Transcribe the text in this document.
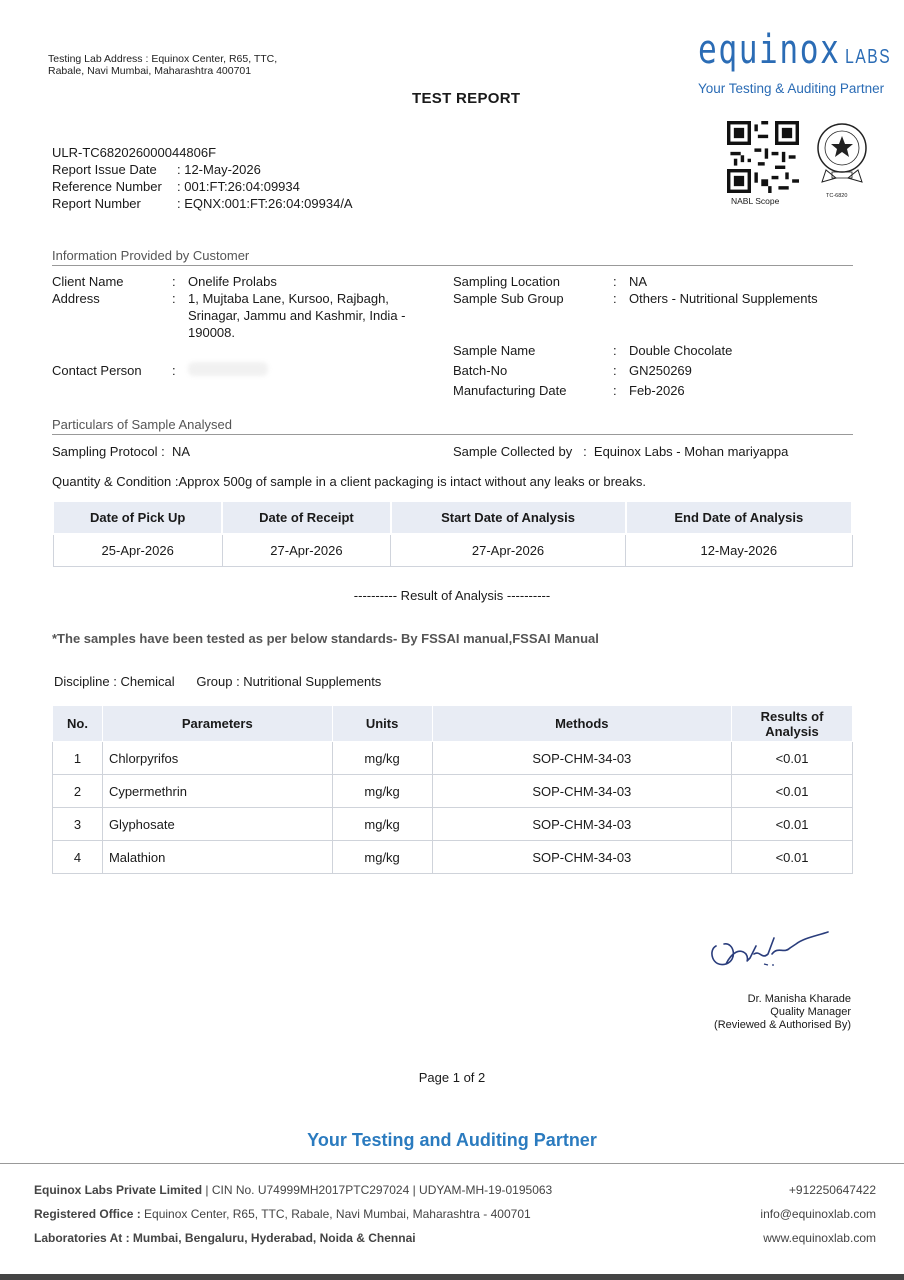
Testing Lab Address : Equinox Center, R65, TTC, Rabale, Navi Mumbai, Maharashtra 400701
TEST REPORT
equinox LABS
Your Testing & Auditing Partner
ULR-TC682026000044806F
Report Issue Date	: 12-May-2026
Reference Number	: 001:FT:26:04:09934
Report Number	: EQNX:001:FT:26:04:09934/A	NABL Scope	TC-6820
Information Provided by Customer
Client Name	: Onelife Prolabs
Address	: 1, Mujtaba Lane, Kursoo, Rajbagh, Srinagar, Jammu and Kashmir, India - 190008.
Contact Person	:
Sampling Location	: NA
Sample Sub Group	: Others - Nutritional Supplements
Sample Name	: Double Chocolate
Batch-No	: GN250269
Manufacturing Date	: Feb-2026
Particulars of Sample Analysed
Sampling Protocol :  NA	Sample Collected by   :  Equinox Labs - Mohan mariyappa
Quantity & Condition :Approx 500g of sample in a client packaging is intact without any leaks or breaks.
Date of Pick Up	Date of Receipt	Start Date of Analysis	End Date of Analysis
25-Apr-2026	27-Apr-2026	27-Apr-2026	12-May-2026
---------- Result of Analysis ----------
*The samples have been tested as per below standards- By FSSAI manual,FSSAI Manual
Discipline : Chemical Group : Nutritional Supplements
No.	Parameters	Units	Methods	Results of Analysis
1	Chlorpyrifos	mg/kg	SOP-CHM-34-03	<0.01
2	Cypermethrin	mg/kg	SOP-CHM-34-03	<0.01
3	Glyphosate	mg/kg	SOP-CHM-34-03	<0.01
4	Malathion	mg/kg	SOP-CHM-34-03	<0.01
Dr. Manisha Kharade
Quality Manager
(Reviewed & Authorised By)
Page 1 of 2
Your Testing and Auditing Partner
Equinox Labs Private Limited | CIN No. U74999MH2017PTC297024 | UDYAM-MH-19-0195063
Registered Office : Equinox Center, R65, TTC, Rabale, Navi Mumbai, Maharashtra - 400701
Laboratories At : Mumbai, Bengaluru, Hyderabad, Noida & Chennai
+912250647422
info@equinoxlab.com
www.equinoxlab.com
